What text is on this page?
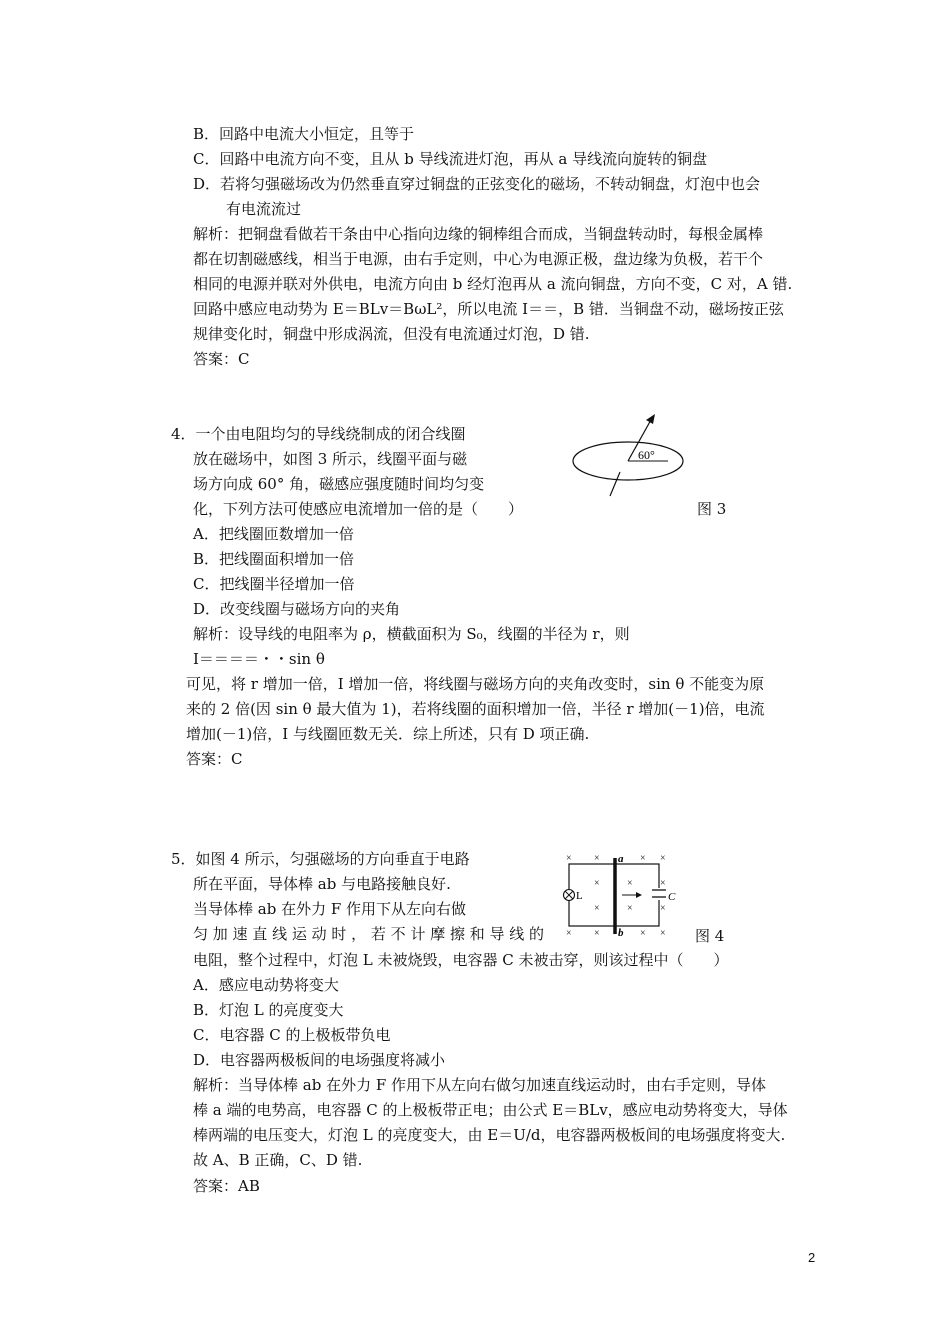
B．回路中电流大小恒定，且等于
C．回路中电流方向不变，且从 b 导线流进灯泡，再从 a 导线流向旋转的铜盘
D．若将匀强磁场改为仍然垂直穿过铜盘的正弦变化的磁场，不转动铜盘，灯泡中也会
有电流流过
解析：把铜盘看做若干条由中心指向边缘的铜棒组合而成，当铜盘转动时，每根金属棒
都在切割磁感线，相当于电源，由右手定则，中心为电源正极，盘边缘为负极，若干个
相同的电源并联对外供电，电流方向由 b 经灯泡再从 a 流向铜盘，方向不变，C 对，A 错.
回路中感应电动势为 E＝BLv＝BωL²，所以电流 I＝＝，B 错．当铜盘不动，磁场按正弦
规律变化时，铜盘中形成涡流，但没有电流通过灯泡，D 错.
答案：C
4．一个由电阻均匀的导线绕制成的闭合线圈
放在磁场中，如图 3 所示，线圈平面与磁
场方向成 60° 角，磁感应强度随时间均匀变
化，下列方法可使感应电流增加一倍的是（　　）
60°
图 3
A．把线圈匝数增加一倍
B．把线圈面积增加一倍
C．把线圈半径增加一倍
D．改变线圈与磁场方向的夹角
解析：设导线的电阻率为 ρ，横截面积为 S₀，线圈的半径为 r，则
I＝＝＝＝・・sin θ
可见，将 r 增加一倍，I 增加一倍，将线圈与磁场方向的夹角改变时，sin θ 不能变为原
来的 2 倍(因 sin θ 最大值为 1)，若将线圈的面积增加一倍，半径 r 增加(－1)倍，电流
增加(－1)倍，I 与线圈匝数无关．综上所述，只有 D 项正确.
答案：C
5．如图 4 所示，匀强磁场的方向垂直于电路
所在平面，导体棒 ab 与电路接触良好.
当导体棒 ab 在外力 F 作用下从左向右做
匀 加 速 直 线 运 动 时 ， 若 不 计 摩 擦 和 导 线 的
a
b
L	C
× ×	× ×
×	×	×
×	×	×
× ×	× × 图 4
电阻，整个过程中，灯泡 L 未被烧毁，电容器 C 未被击穿，则该过程中（　　）
A．感应电动势将变大
B．灯泡 L 的亮度变大
C．电容器 C 的上极板带负电
D．电容器两极板间的电场强度将减小
解析：当导体棒 ab 在外力 F 作用下从左向右做匀加速直线运动时，由右手定则，导体
棒 a 端的电势高，电容器 C 的上极板带正电；由公式 E＝BLv，感应电动势将变大，导体
棒两端的电压变大，灯泡 L 的亮度变大，由 E＝U/d，电容器两极板间的电场强度将变大.
故 A、B 正确，C、D 错.
答案：AB
2
